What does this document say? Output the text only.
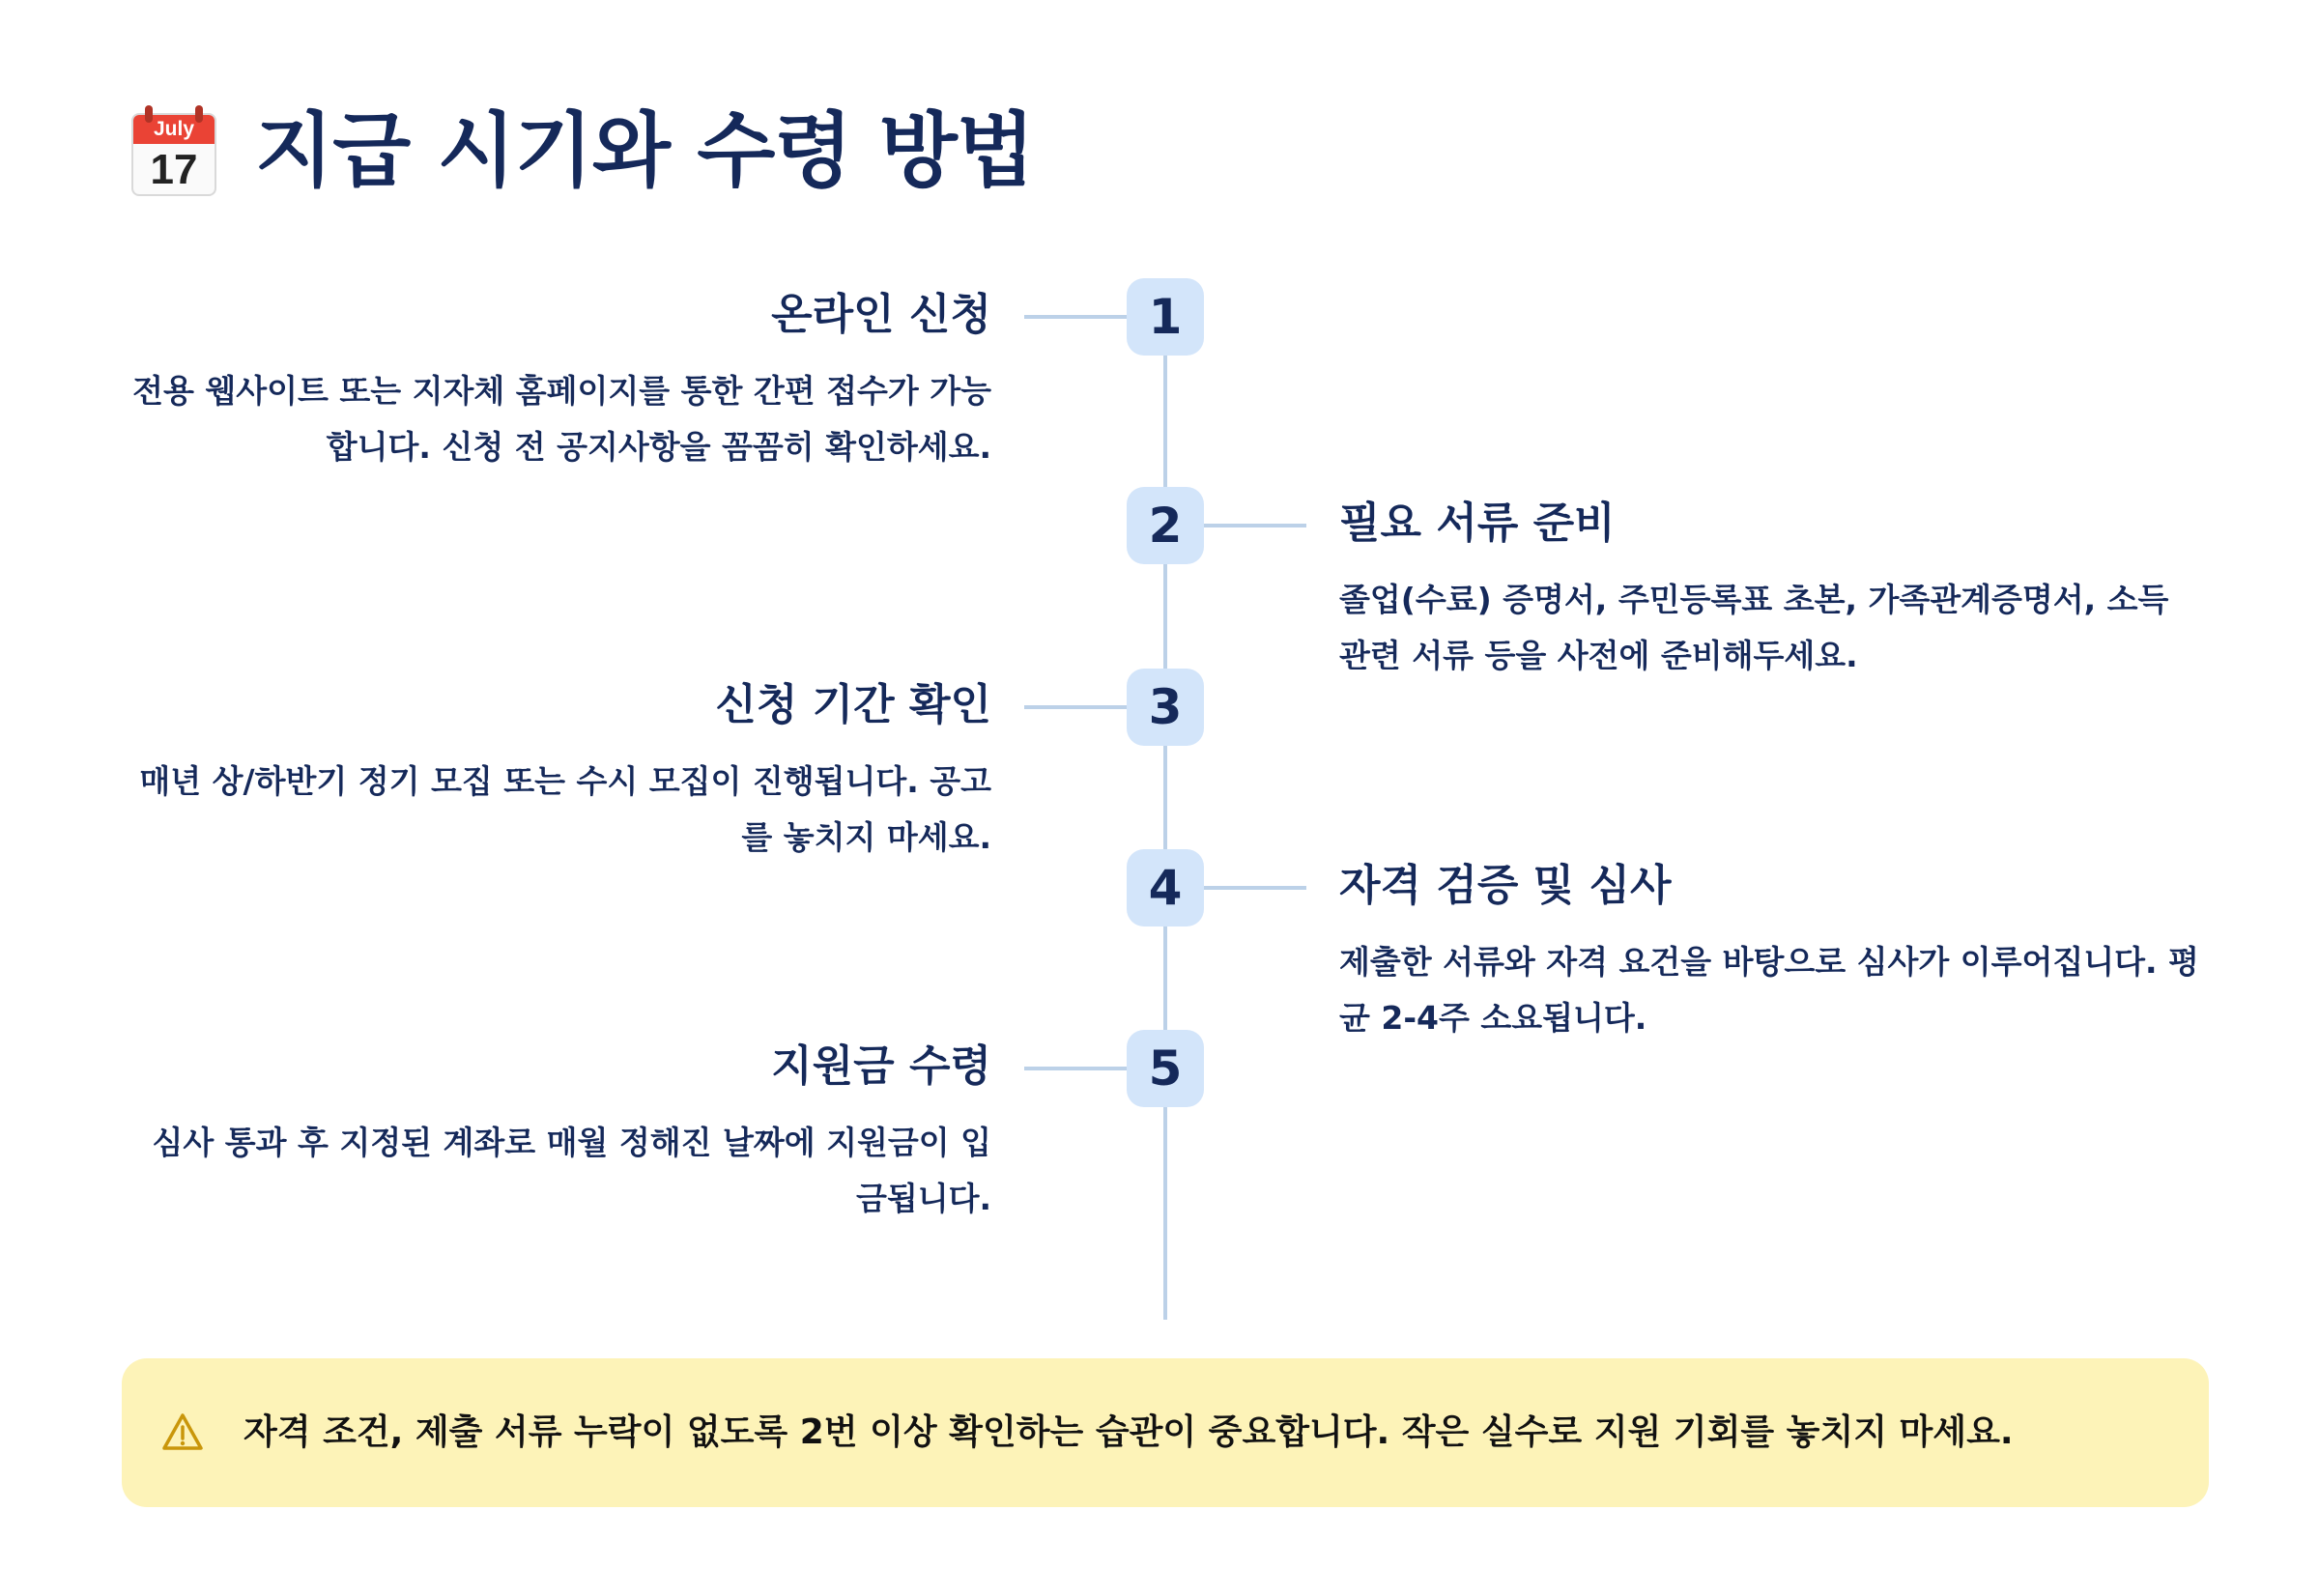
July
17 지급 시기와 수령 방법
1
온라인 신청

전용 웹사이트 또는 지자체 홈페이지를 통한 간편 접수가 가능합니다. 신청 전 공지사항을 꼼꼼히 확인하세요.

2	필요 서류 준비

졸업(수료) 증명서, 주민등록표 초본, 가족관계증명서, 소득 관련 서류 등을 사전에 준비해두세요.

3
신청 기간 확인

매년 상/하반기 정기 모집 또는 수시 모집이 진행됩니다. 공고를 놓치지 마세요.

4	자격 검증 및 심사

제출한 서류와 자격 요건을 바탕으로 심사가 이루어집니다. 평균 2-4주 소요됩니다.

5
지원금 수령

심사 통과 후 지정된 계좌로 매월 정해진 날짜에 지원금이 입금됩니다.

자격 조건, 제출 서류 누락이 없도록 2번 이상 확인하는 습관이 중요합니다. 작은 실수로 지원 기회를 놓치지 마세요.
